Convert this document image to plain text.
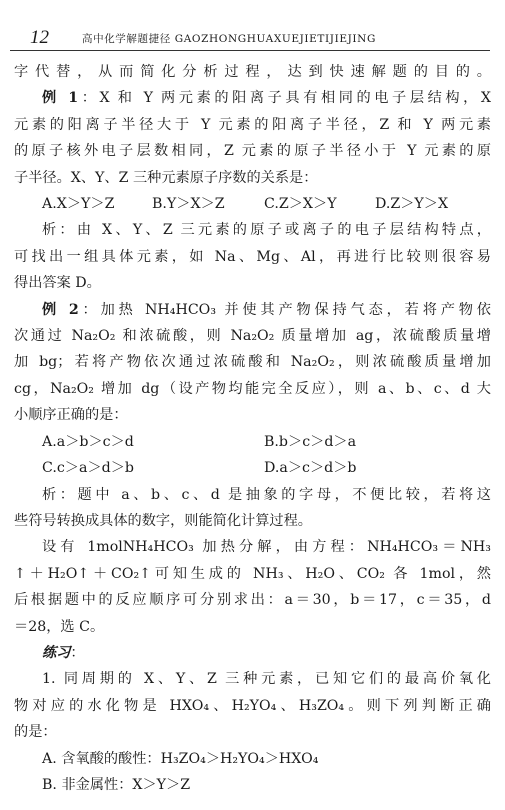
12	高中化学解题捷径 GAOZHONGHUAXUEJIETIJIEJING

字代替，从而简化分析过程，达到快速解题的目的。

例 1：X 和 Y 两元素的阳离子具有相同的电子层结构，X

元素的阳离子半径大于 Y 元素的阳离子半径，Z 和 Y 两元素

的原子核外电子层数相同，Z 元素的原子半径小于 Y 元素的原

子半径。X、Y、Z 三种元素原子序数的关系是：

A.X＞Y＞Z	B.Y＞X＞Z	C.Z＞X＞Y	D.Z＞Y＞X

析：由 X、Y、Z 三元素的原子或离子的电子层结构特点，

可找出一组具体元素，如 Na、Mg、Al，再进行比较则很容易

得出答案 D。

例 2：加热 NH₄HCO₃ 并使其产物保持气态，若将产物依

次通过 Na₂O₂ 和浓硫酸，则 Na₂O₂ 质量增加 ag，浓硫酸质量增

加 bg；若将产物依次通过浓硫酸和 Na₂O₂，则浓硫酸质量增加

cg，Na₂O₂ 增加 dg（设产物均能完全反应），则 a、b、c、d 大

小顺序正确的是：

A.a＞b＞c＞d	B.b＞c＞d＞a
C.c＞a＞d＞b	D.a＞c＞d＞b

析：题中 a、b、c、d 是抽象的字母，不便比较，若将这

些符号转换成具体的数字，则能简化计算过程。

设有 1molNH₄HCO₃ 加热分解，由方程：NH₄HCO₃＝NH₃

↑＋H₂O↑＋CO₂↑可知生成的 NH₃、H₂O、CO₂ 各 1mol，然

后根据题中的反应顺序可分别求出：a＝30，b＝17，c＝35，d

＝28，选 C。

练习：

1. 同周期的 X、Y、Z 三种元素，已知它们的最高价氧化

物对应的水化物是 HXO₄、H₂YO₄、H₃ZO₄。则下列判断正确

的是：

A. 含氧酸的酸性：H₃ZO₄＞H₂YO₄＞HXO₄

B. 非金属性：X＞Y＞Z
